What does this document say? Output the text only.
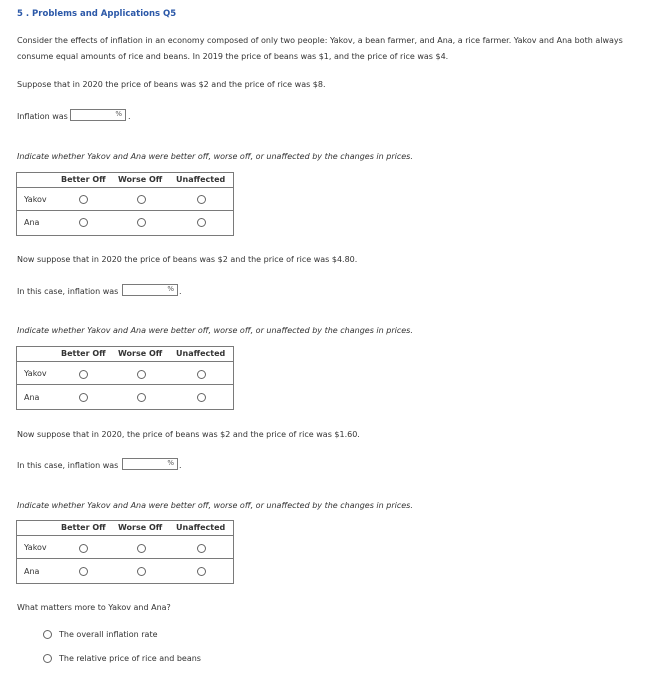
5 . Problems and Applications Q5
Consider the effects of inflation in an economy composed of only two people: Yakov, a bean farmer, and Ana, a rice farmer. Yakov and Ana both always
consume equal amounts of rice and beans. In 2019 the price of beans was $1, and the price of rice was $4.
Suppose that in 2020 the price of beans was $2 and the price of rice was $8.
Inflation was	% .
Indicate whether Yakov and Ana were better off, worse off, or unaffected by the changes in prices.
Better Off Worse Off Unaffected
Yakov
Ana
Now suppose that in 2020 the price of beans was $2 and the price of rice was $4.80.
In this case, inflation was	% .
Indicate whether Yakov and Ana were better off, worse off, or unaffected by the changes in prices.
Better Off Worse Off Unaffected
Yakov
Ana
Now suppose that in 2020, the price of beans was $2 and the price of rice was $1.60.
In this case, inflation was	% .
Indicate whether Yakov and Ana were better off, worse off, or unaffected by the changes in prices.
Better Off Worse Off Unaffected
Yakov
Ana
What matters more to Yakov and Ana?
The overall inflation rate
The relative price of rice and beans
